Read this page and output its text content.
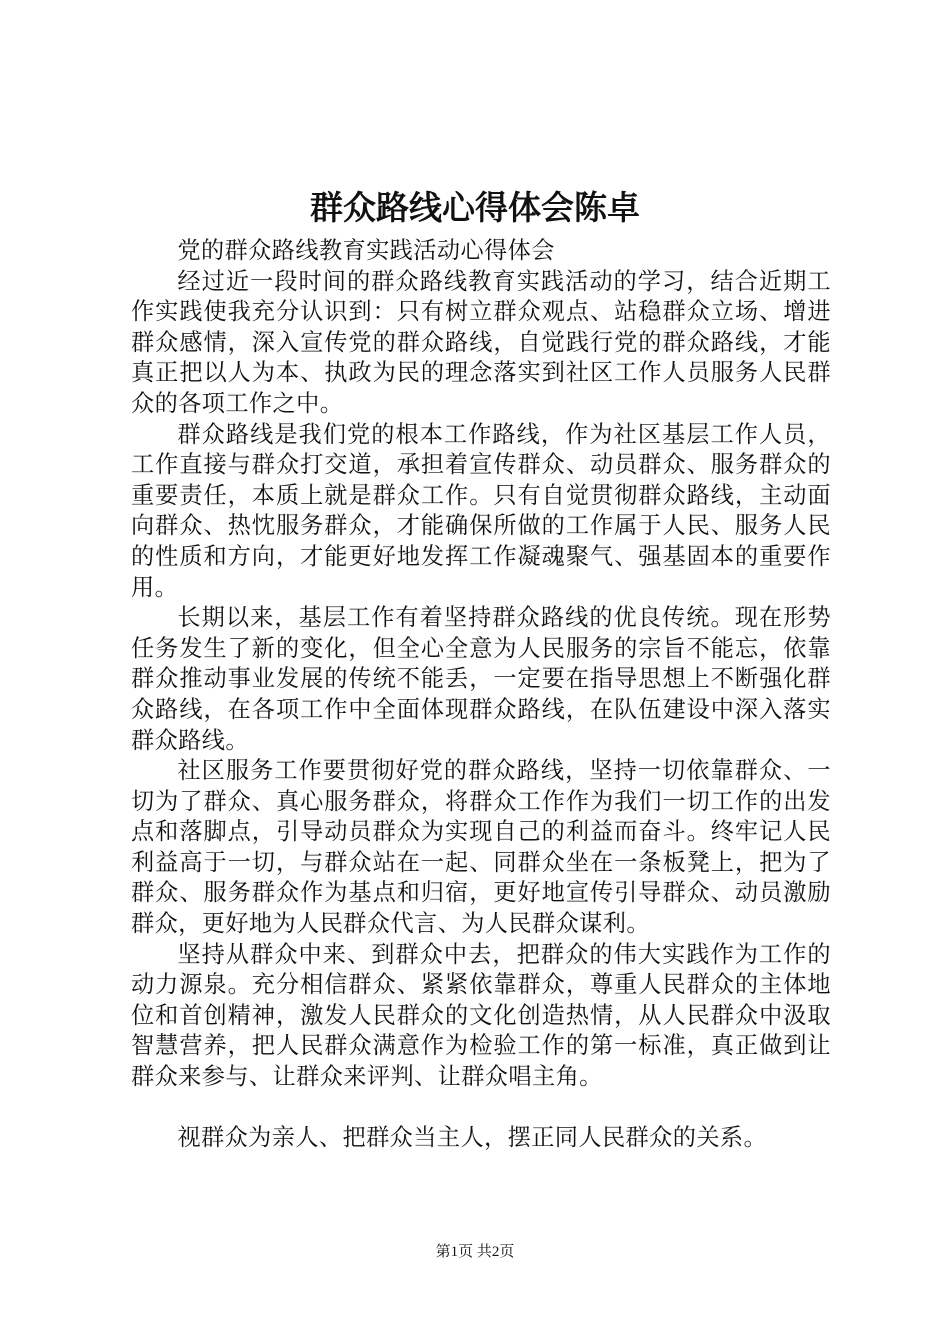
群众路线心得体会陈卓

党的群众路线教育实践活动心得体会

经过近一段时间的群众路线教育实践活动的学习，结合近期工作实践使我充分认识到：只有树立群众观点、站稳群众立场、增进群众感情，深入宣传党的群众路线，自觉践行党的群众路线，才能真正把以人为本、执政为民的理念落实到社区工作人员服务人民群众的各项工作之中。

群众路线是我们党的根本工作路线，作为社区基层工作人员，工作直接与群众打交道，承担着宣传群众、动员群众、服务群众的重要责任，本质上就是群众工作。只有自觉贯彻群众路线，主动面向群众、热忱服务群众，才能确保所做的工作属于人民、服务人民的性质和方向，才能更好地发挥工作凝魂聚气、强基固本的重要作用。

长期以来，基层工作有着坚持群众路线的优良传统。现在形势任务发生了新的变化，但全心全意为人民服务的宗旨不能忘，依靠群众推动事业发展的传统不能丢，一定要在指导思想上不断强化群众路线，在各项工作中全面体现群众路线，在队伍建设中深入落实群众路线。

社区服务工作要贯彻好党的群众路线，坚持一切依靠群众、一切为了群众、真心服务群众，将群众工作作为我们一切工作的出发点和落脚点，引导动员群众为实现自己的利益而奋斗。终牢记人民利益高于一切，与群众站在一起、同群众坐在一条板凳上，把为了群众、服务群众作为基点和归宿，更好地宣传引导群众、动员激励群众，更好地为人民群众代言、为人民群众谋利。

坚持从群众中来、到群众中去，把群众的伟大实践作为工作的动力源泉。充分相信群众、紧紧依靠群众，尊重人民群众的主体地位和首创精神，激发人民群众的文化创造热情，从人民群众中汲取智慧营养，把人民群众满意作为检验工作的第一标准，真正做到让群众来参与、让群众来评判、让群众唱主角。

视群众为亲人、把群众当主人，摆正同人民群众的关系。

第1页 共2页
